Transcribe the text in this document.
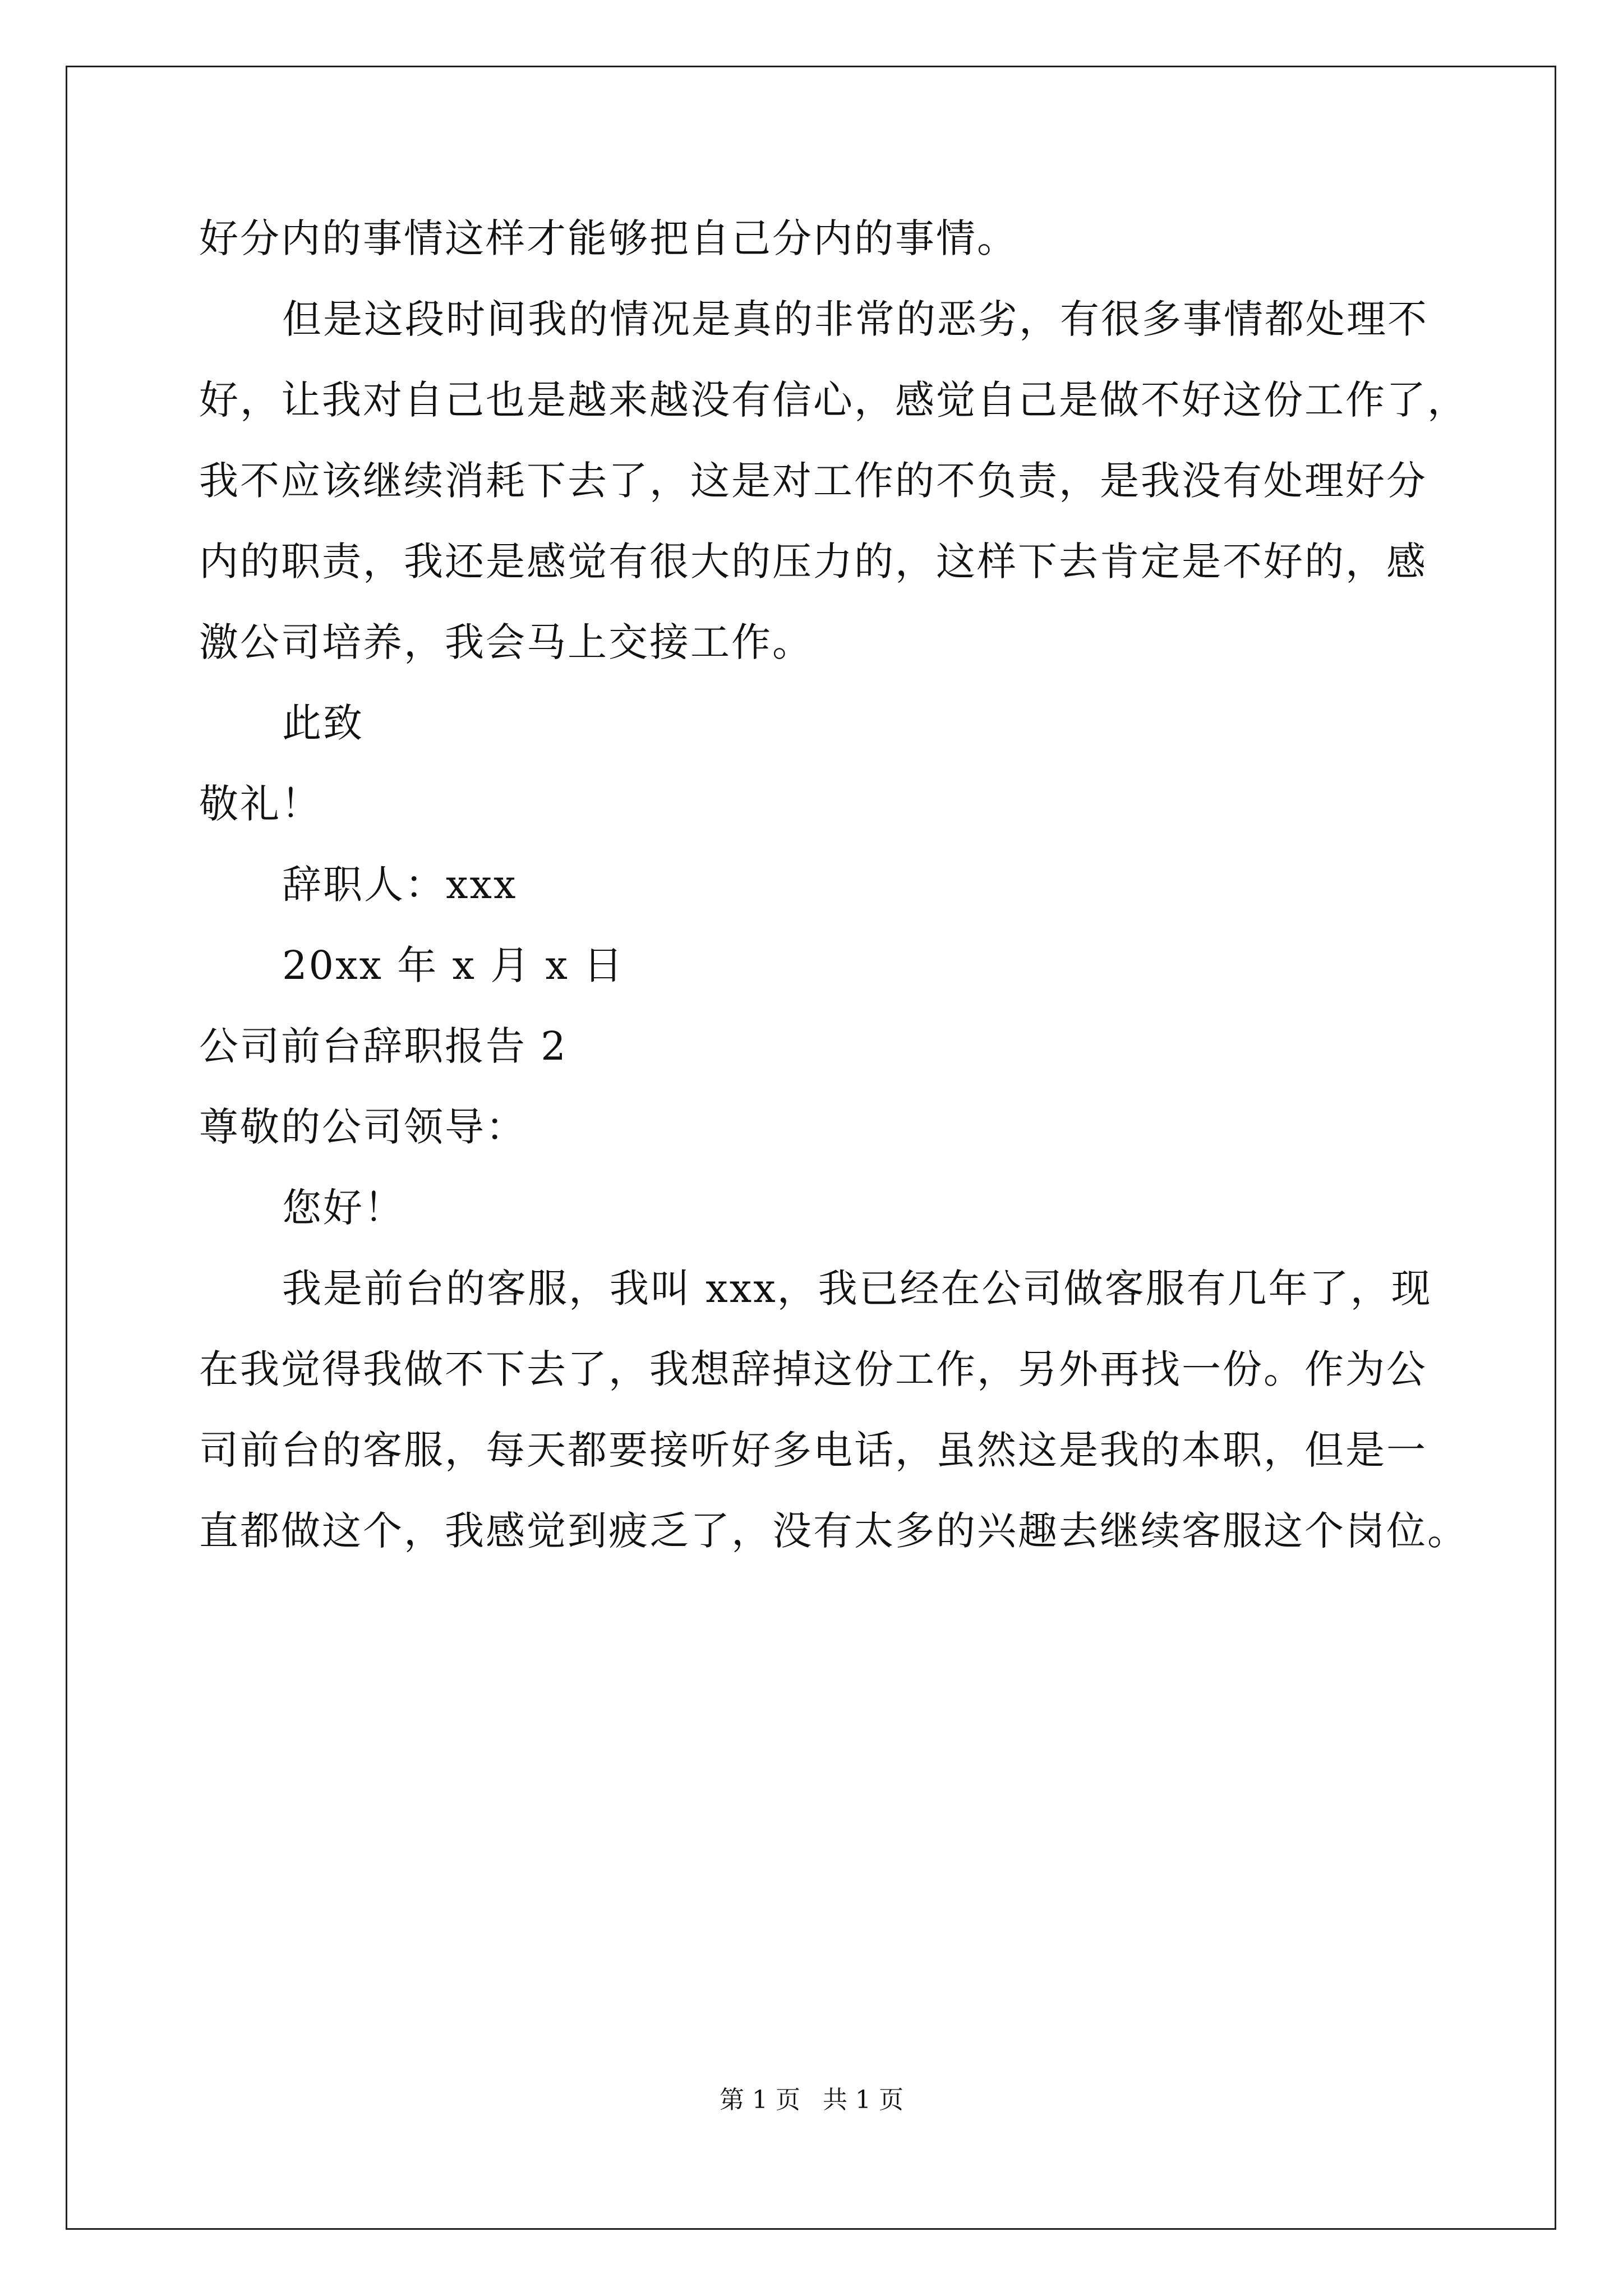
好分内的事情这样才能够把自己分内的事情。
但是这段时间我的情况是真的非常的恶劣，有很多事情都处理不
好，让我对自己也是越来越没有信心，感觉自己是做不好这份工作了，
我不应该继续消耗下去了，这是对工作的不负责，是我没有处理好分
内的职责，我还是感觉有很大的压力的，这样下去肯定是不好的，感
激公司培养，我会马上交接工作。
此致
敬礼！
辞职人：xxx
20xx 年 x 月 x 日
公司前台辞职报告 2
尊敬的公司领导：
您好！
我是前台的客服，我叫 xxx，我已经在公司做客服有几年了，现
在我觉得我做不下去了，我想辞掉这份工作，另外再找一份。作为公
司前台的客服，每天都要接听好多电话，虽然这是我的本职，但是一
直都做这个，我感觉到疲乏了，没有太多的兴趣去继续客服这个岗位。
第 1 页 共 1 页
